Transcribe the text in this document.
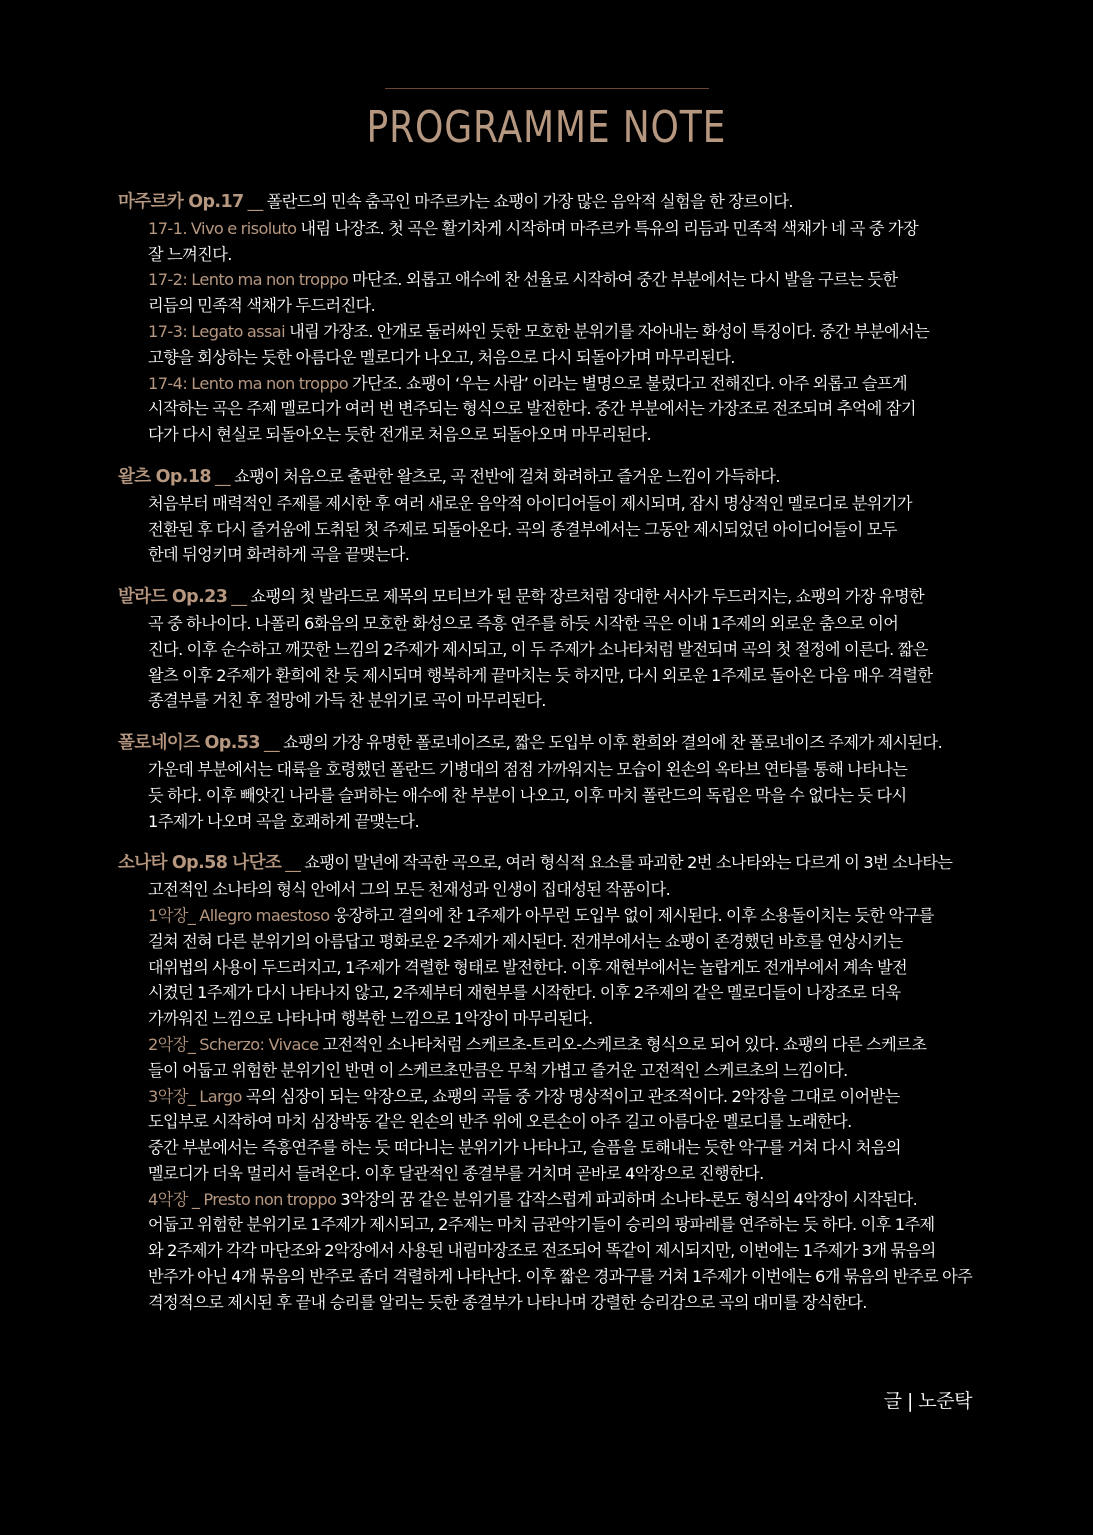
PROGRAMME NOTE
마주르카 Op.17 __ 폴란드의 민속 춤곡인 마주르카는 쇼팽이 가장 많은 음악적 실험을 한 장르이다.
17-1. Vivo e risoluto 내림 나장조. 첫 곡은 활기차게 시작하며 마주르카 특유의 리듬과 민족적 색채가 네 곡 중 가장
잘 느껴진다.
17-2: Lento ma non troppo 마단조. 외롭고 애수에 찬 선율로 시작하여 중간 부분에서는 다시 발을 구르는 듯한
리듬의 민족적 색채가 두드러진다.
17-3: Legato assai 내림 가장조. 안개로 둘러싸인 듯한 모호한 분위기를 자아내는 화성이 특징이다. 중간 부분에서는
고향을 회상하는 듯한 아름다운 멜로디가 나오고, 처음으로 다시 되돌아가며 마무리된다.
17-4: Lento ma non troppo 가단조. 쇼팽이 ‘우는 사람’ 이라는 별명으로 불렀다고 전해진다. 아주 외롭고 슬프게
시작하는 곡은 주제 멜로디가 여러 번 변주되는 형식으로 발전한다. 중간 부분에서는 가장조로 전조되며 추억에 잠기
다가 다시 현실로 되돌아오는 듯한 전개로 처음으로 되돌아오며 마무리된다.
왈츠 Op.18 __ 쇼팽이 처음으로 출판한 왈츠로, 곡 전반에 걸쳐 화려하고 즐거운 느낌이 가득하다.
처음부터 매력적인 주제를 제시한 후 여러 새로운 음악적 아이디어들이 제시되며, 잠시 명상적인 멜로디로 분위기가
전환된 후 다시 즐거움에 도취된 첫 주제로 되돌아온다. 곡의 종결부에서는 그동안 제시되었던 아이디어들이 모두
한데 뒤엉키며 화려하게 곡을 끝맺는다.
발라드 Op.23 __ 쇼팽의 첫 발라드로 제목의 모티브가 된 문학 장르처럼 장대한 서사가 두드러지는, 쇼팽의 가장 유명한
곡 중 하나이다. 나폴리 6화음의 모호한 화성으로 즉흥 연주를 하듯 시작한 곡은 이내 1주제의 외로운 춤으로 이어
진다. 이후 순수하고 깨끗한 느낌의 2주제가 제시되고, 이 두 주제가 소나타처럼 발전되며 곡의 첫 절정에 이른다. 짧은
왈츠 이후 2주제가 환희에 찬 듯 제시되며 행복하게 끝마치는 듯 하지만, 다시 외로운 1주제로 돌아온 다음 매우 격렬한
종결부를 거친 후 절망에 가득 찬 분위기로 곡이 마무리된다.
폴로네이즈 Op.53 __ 쇼팽의 가장 유명한 폴로네이즈로, 짧은 도입부 이후 환희와 결의에 찬 폴로네이즈 주제가 제시된다.
가운데 부분에서는 대륙을 호령했던 폴란드 기병대의 점점 가까워지는 모습이 왼손의 옥타브 연타를 통해 나타나는
듯 하다. 이후 빼앗긴 나라를 슬퍼하는 애수에 찬 부분이 나오고, 이후 마치 폴란드의 독립은 막을 수 없다는 듯 다시
1주제가 나오며 곡을 호쾌하게 끝맺는다.
소나타 Op.58 나단조 __ 쇼팽이 말년에 작곡한 곡으로, 여러 형식적 요소를 파괴한 2번 소나타와는 다르게 이 3번 소나타는
고전적인 소나타의 형식 안에서 그의 모든 천재성과 인생이 집대성된 작품이다.
1악장_ Allegro maestoso 웅장하고 결의에 찬 1주제가 아무런 도입부 없이 제시된다. 이후 소용돌이치는 듯한 악구를
걸쳐 전혀 다른 분위기의 아름답고 평화로운 2주제가 제시된다. 전개부에서는 쇼팽이 존경했던 바흐를 연상시키는
대위법의 사용이 두드러지고, 1주제가 격렬한 형태로 발전한다. 이후 재현부에서는 놀랍게도 전개부에서 계속 발전
시켰던 1주제가 다시 나타나지 않고, 2주제부터 재현부를 시작한다. 이후 2주제의 같은 멜로디들이 나장조로 더욱
가까워진 느낌으로 나타나며 행복한 느낌으로 1악장이 마무리된다.
2악장_ Scherzo: Vivace 고전적인 소나타처럼 스케르초-트리오-스케르초 형식으로 되어 있다. 쇼팽의 다른 스케르초
들이 어둡고 위험한 분위기인 반면 이 스케르초만큼은 무척 가볍고 즐거운 고전적인 스케르초의 느낌이다.
3악장_ Largo 곡의 심장이 되는 악장으로, 쇼팽의 곡들 중 가장 명상적이고 관조적이다. 2악장을 그대로 이어받는
도입부로 시작하여 마치 심장박동 같은 왼손의 반주 위에 오른손이 아주 길고 아름다운 멜로디를 노래한다.
중간 부분에서는 즉흥연주를 하는 듯 떠다니는 분위기가 나타나고, 슬픔을 토해내는 듯한 악구를 거쳐 다시 처음의
멜로디가 더욱 멀리서 들려온다. 이후 달관적인 종결부를 거치며 곧바로 4악장으로 진행한다.
4악장 _ Presto non troppo 3악장의 꿈 같은 분위기를 갑작스럽게 파괴하며 소나타-론도 형식의 4악장이 시작된다.
어둡고 위험한 분위기로 1주제가 제시되고, 2주제는 마치 금관악기들이 승리의 팡파레를 연주하는 듯 하다. 이후 1주제
와 2주제가 각각 마단조와 2악장에서 사용된 내림마장조로 전조되어 똑같이 제시되지만, 이번에는 1주제가 3개 묶음의
반주가 아닌 4개 묶음의 반주로 좀더 격렬하게 나타난다. 이후 짧은 경과구를 거쳐 1주제가 이번에는 6개 묶음의 반주로 아주
격정적으로 제시된 후 끝내 승리를 알리는 듯한 종결부가 나타나며 강렬한 승리감으로 곡의 대미를 장식한다.
글 | 노준탁
